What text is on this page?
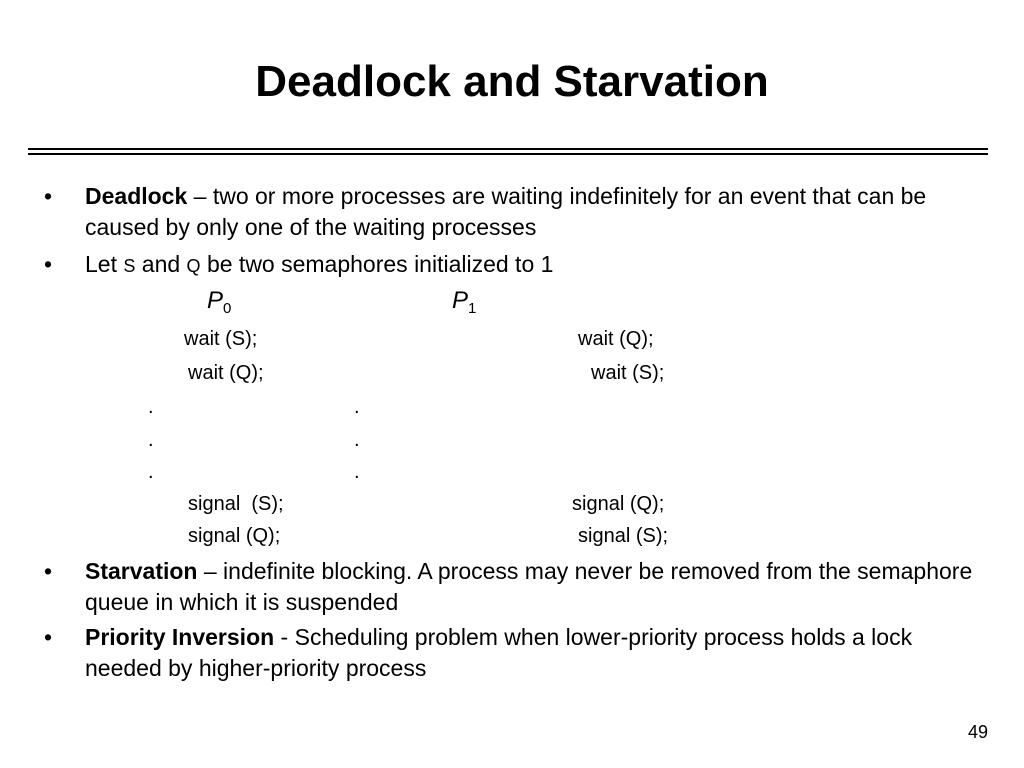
Deadlock and Starvation
• Deadlock – two or more processes are waiting indefinitely for an event that can be caused by only one of the waiting processes
• Let S and Q be two semaphores initialized to 1
$P_0$	$P_1$
wait (S);	wait (Q);
wait (Q);	wait (S);
.	.
.	.
.	.
signal  (S);	signal (Q);
signal (Q);	signal (S);
• Starvation – indefinite blocking. A process may never be removed from the semaphore queue in which it is suspended
• Priority Inversion - Scheduling problem when lower-priority process holds a lock needed by higher-priority process
49
